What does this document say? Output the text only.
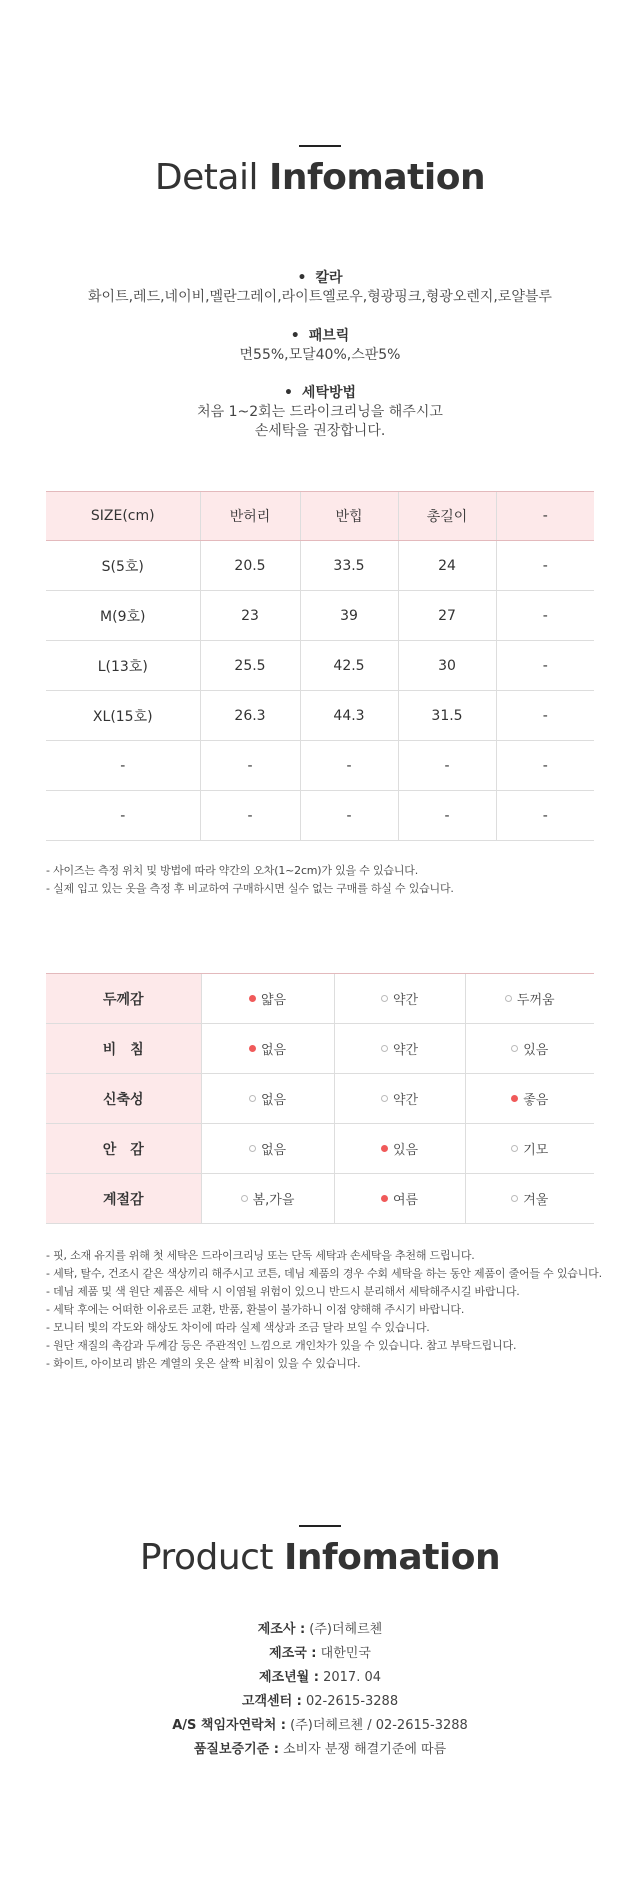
Detail Infomation
• 칼라
화이트,레드,네이비,멜란그레이,라이트옐로우,형광핑크,형광오렌지,로얄블루
• 패브릭
면55%,모달40%,스판5%
• 세탁방법
처음 1~2회는 드라이크리닝을 해주시고
손세탁을 권장합니다.
SIZE(cm)	반허리	반힙	총길이	-
S(5호)	20.5	33.5	24	-
M(9호)	23	39	27	-
L(13호)	25.5	42.5	30	-
XL(15호)	26.3	44.3	31.5	-
-	-	-	-	-
-	-	-	-	-
- 사이즈는 측정 위치 및 방법에 따라 약간의 오차(1~2cm)가 있을 수 있습니다.
- 실제 입고 있는 옷을 측정 후 비교하여 구매하시면 실수 없는 구매를 하실 수 있습니다.
두께감	얇음	약간	두꺼움

비　침	없음	약간	있음

신축성	없음	약간	좋음

안　감	없음	있음	기모

계절감	봄,가을	여름	겨울
- 핏, 소재 유지를 위해 첫 세탁은 드라이크리닝 또는 단독 세탁과 손세탁을 추천해 드립니다.
- 세탁, 탈수, 건조시 같은 색상끼리 해주시고 코튼, 데님 제품의 경우 수회 세탁을 하는 동안 제품이 줄어들 수 있습니다.
- 데님 제품 및 색 원단 제품은 세탁 시 이염될 위험이 있으니 반드시 분리해서 세탁해주시길 바랍니다.
- 세탁 후에는 어떠한 이유로든 교환, 반품, 환불이 불가하니 이점 양해해 주시기 바랍니다.
- 모니터 빛의 각도와 해상도 차이에 따라 실제 색상과 조금 달라 보일 수 있습니다.
- 원단 재질의 촉감과 두께감 등은 주관적인 느낌으로 개인차가 있을 수 있습니다. 참고 부탁드립니다.
- 화이트, 아이보리 밝은 계열의 옷은 살짝 비침이 있을 수 있습니다.
Product Infomation
제조사 : (주)더헤르첸
제조국 : 대한민국
제조년월 : 2017. 04
고객센터 : 02-2615-3288
A/S 책임자연락처 : (주)더헤르첸 / 02-2615-3288
품질보증기준 : 소비자 분쟁 해결기준에 따름
